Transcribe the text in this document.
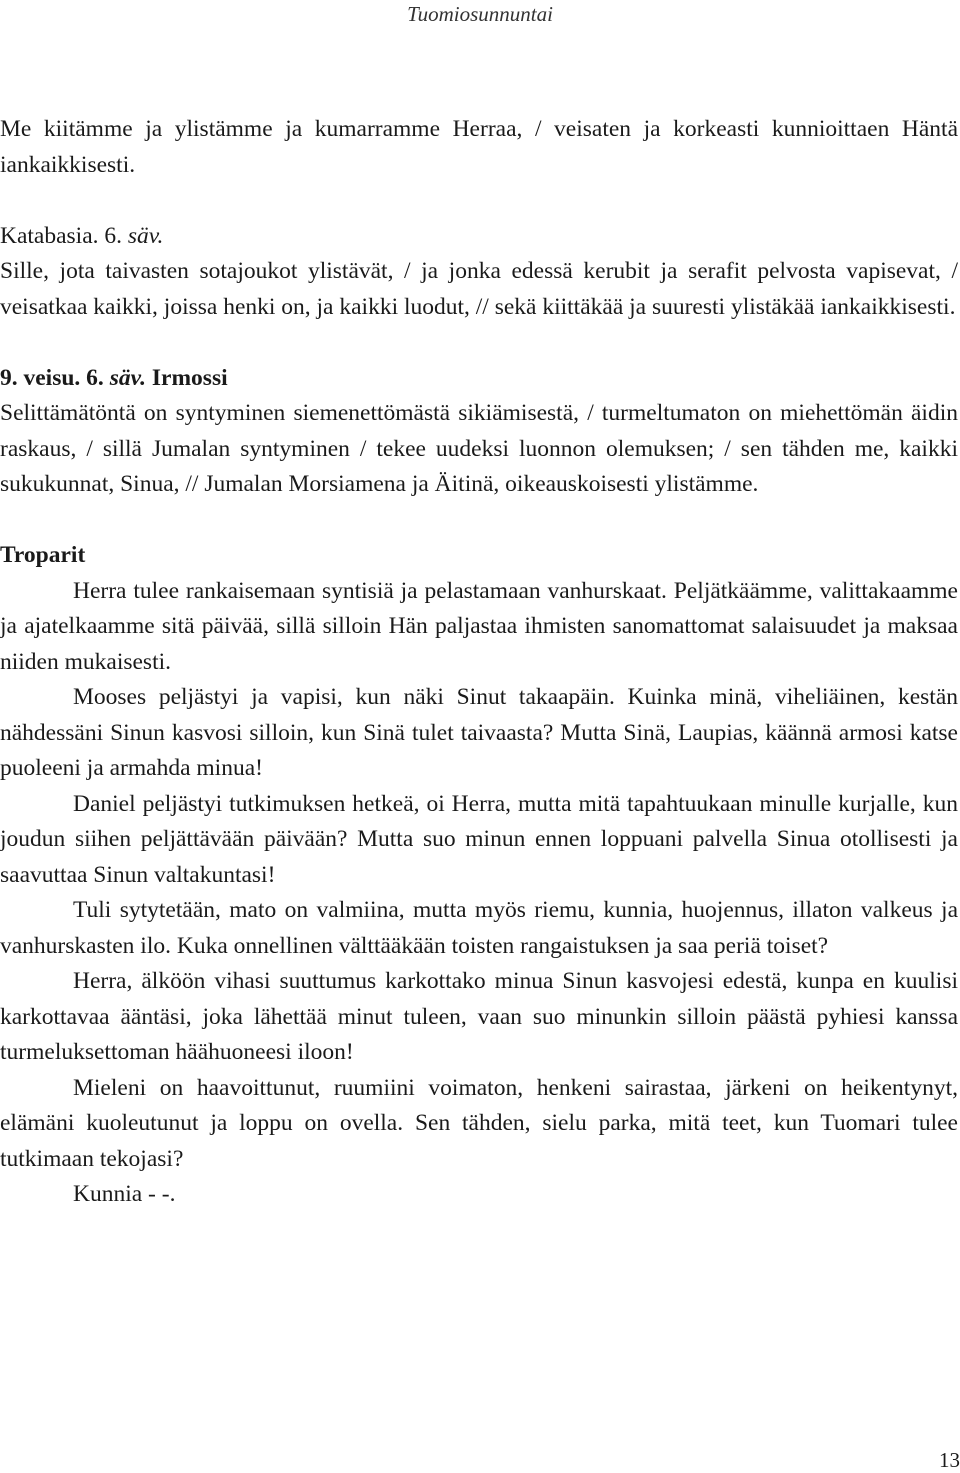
Tuomiosunnuntai

Me kiitämme ja ylistämme ja kumarramme Herraa, / veisaten ja korkeasti kunnioittaen Häntä iankaikkisesti.

Katabasia. 6. säv.

Sille, jota taivasten sotajoukot ylistävät, / ja jonka edessä kerubit ja serafit pelvosta vapisevat, / veisatkaa kaikki, joissa henki on, ja kaikki luodut, // sekä kiittäkää ja suuresti ylistäkää iankaikkisesti.

9. veisu. 6. säv. Irmossi

Selittämätöntä on syntyminen siemenettömästä sikiämisestä, / turmeltumaton on miehettömän äidin raskaus, / sillä Jumalan syntyminen / tekee uudeksi luonnon olemuksen; / sen tähden me, kaikki sukukunnat, Sinua, // Jumalan Morsiamena ja Äitinä, oikeauskoisesti ylistämme.

Troparit

Herra tulee rankaisemaan syntisiä ja pelastamaan vanhurskaat. Peljätkäämme, valittakaamme ja ajatelkaamme sitä päivää, sillä silloin Hän paljastaa ihmisten sanomattomat salaisuudet ja maksaa niiden mukaisesti.

Mooses peljästyi ja vapisi, kun näki Sinut takaapäin. Kuinka minä, viheliäinen, kestän nähdessäni Sinun kasvosi silloin, kun Sinä tulet taivaasta? Mutta Sinä, Laupias, käännä armosi katse puoleeni ja armahda minua!

Daniel peljästyi tutkimuksen hetkeä, oi Herra, mutta mitä tapahtuukaan minulle kurjalle, kun joudun siihen peljättävään päivään? Mutta suo minun ennen loppuani palvella Sinua otollisesti ja saavuttaa Sinun valtakuntasi!

Tuli sytytetään, mato on valmiina, mutta myös riemu, kunnia, huojennus, illaton valkeus ja vanhurskasten ilo. Kuka onnellinen välttääkään toisten rangaistuksen ja saa periä toiset?

Herra, älköön vihasi suuttumus karkottako minua Sinun kasvojesi edestä, kunpa en kuulisi karkottavaa ääntäsi, joka lähettää minut tuleen, vaan suo minunkin silloin päästä pyhiesi kanssa turmeluksettoman häähuoneesi iloon!

Mieleni on haavoittunut, ruumiini voimaton, henkeni sairastaa, järkeni on heikentynyt, elämäni kuoleutunut ja loppu on ovella. Sen tähden, sielu parka, mitä teet, kun Tuomari tulee tutkimaan tekojasi?

Kunnia - -.

13
